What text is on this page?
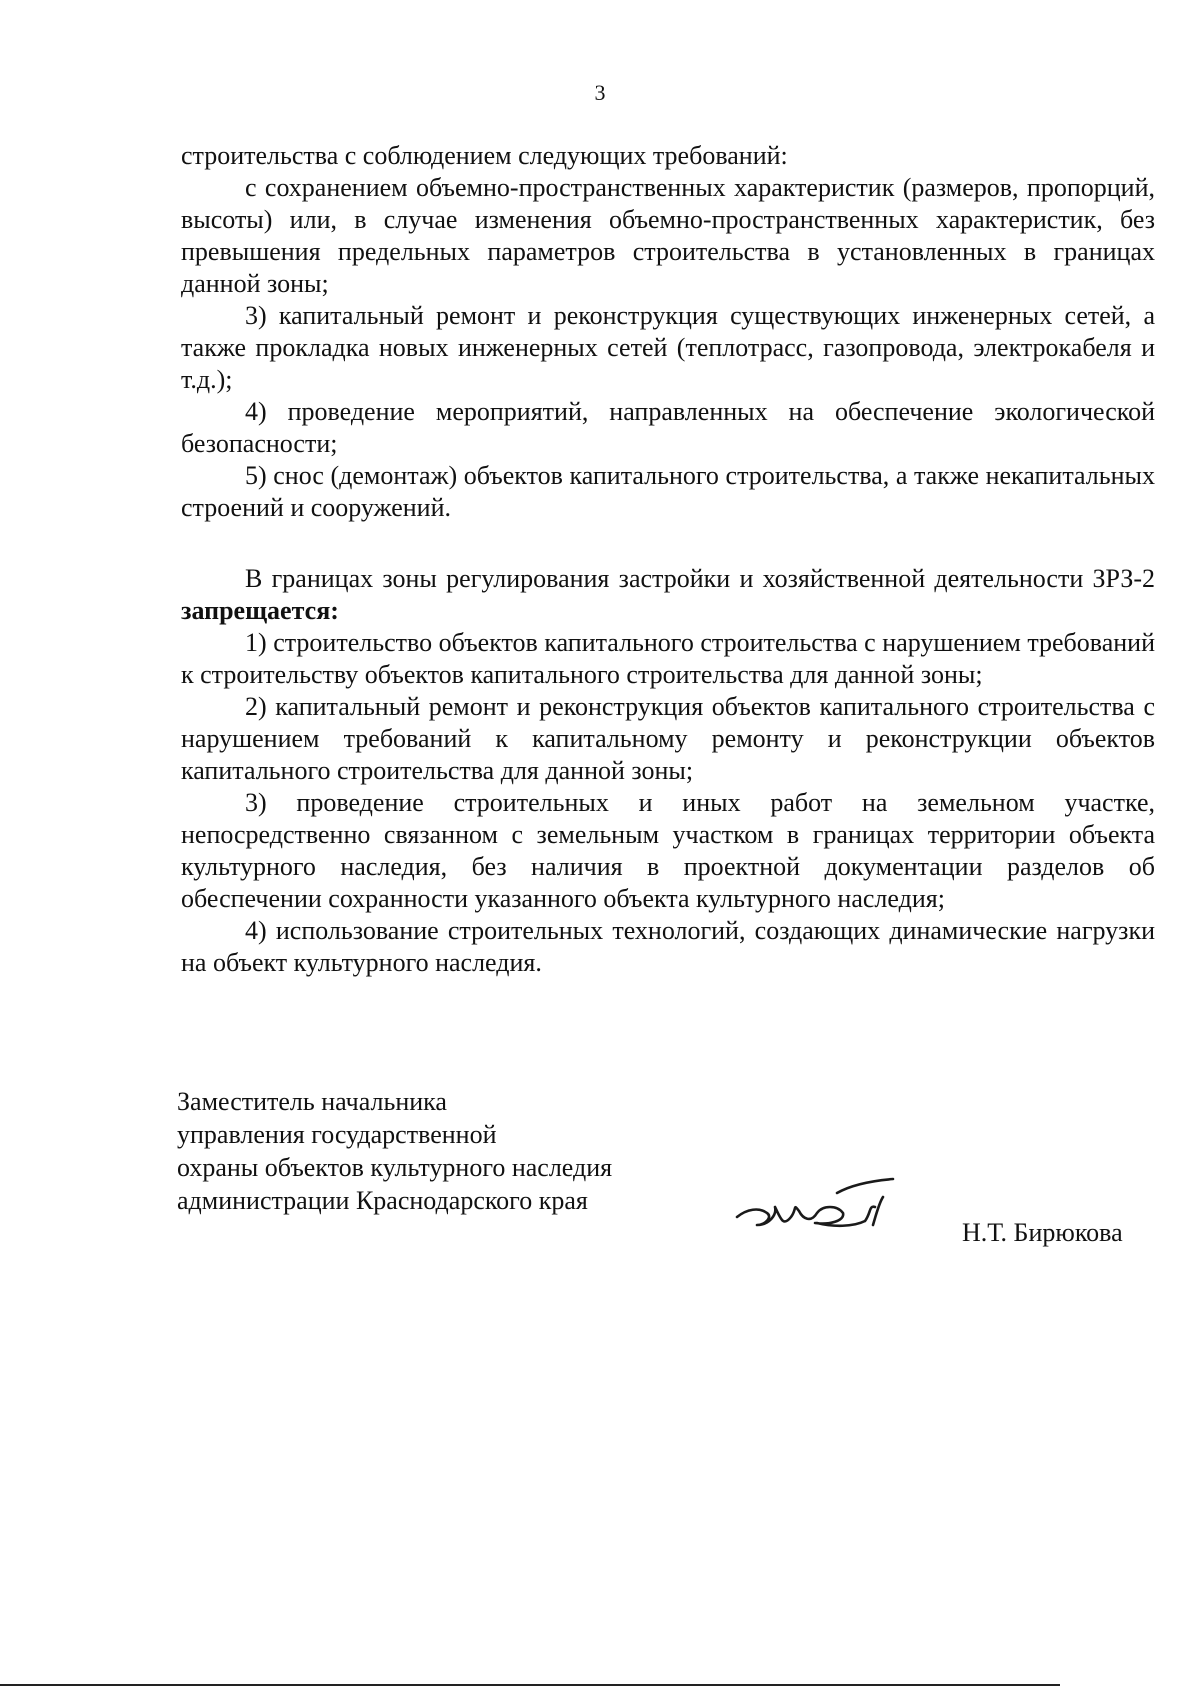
3

строительства с соблюдением следующих требований:

с сохранением объемно-пространственных характеристик (размеров, пропорций, высоты) или, в случае изменения объемно-пространственных характеристик, без превышения предельных параметров строительства в установленных в границах данной зоны;

3) капитальный ремонт и реконструкция существующих инженерных сетей, а также прокладка новых инженерных сетей (теплотрасс, газопровода, электрокабеля и т.д.);

4) проведение мероприятий, направленных на обеспечение экологической безопасности;

5) снос (демонтаж) объектов капитального строительства, а также некапитальных строений и сооружений.

В границах зоны регулирования застройки и хозяйственной деятельности ЗРЗ-2 запрещается:

1) строительство объектов капитального строительства с нарушением требований к строительству объектов капитального строительства для данной зоны;

2) капитальный ремонт и реконструкция объектов капитального строительства с нарушением требований к капитальному ремонту и реконструкции объектов капитального строительства для данной зоны;

3) проведение строительных и иных работ на земельном участке, непосредственно связанном с земельным участком в границах территории объекта культурного наследия, без наличия в проектной документации разделов об обеспечении сохранности указанного объекта культурного наследия;

4) использование строительных технологий, создающих динамические нагрузки на объект культурного наследия.

Заместитель начальника
управления государственной
охраны объектов культурного наследия
администрации Краснодарского края
Н.Т. Бирюкова
